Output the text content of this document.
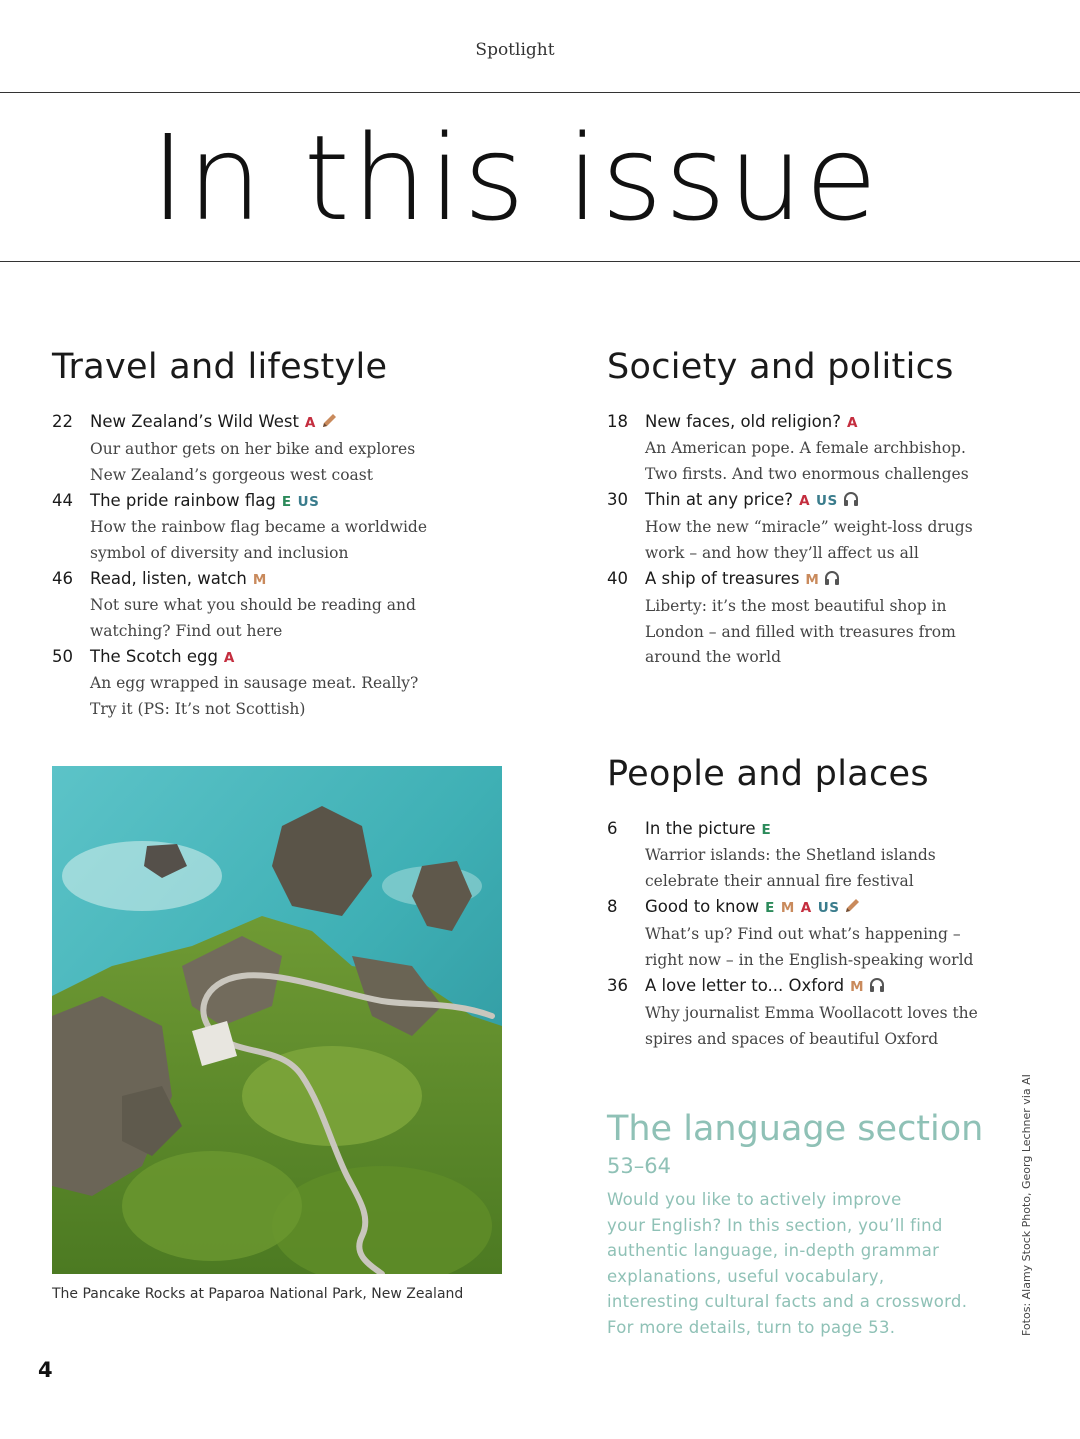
Spotlight
In this issue
Travel and lifestyle
22 New Zealand’s Wild West A
Our author gets on her bike and explores
New Zealand’s gorgeous west coast
44 The pride rainbow flag E US
How the rainbow flag became a worldwide
symbol of diversity and inclusion
46 Read, listen, watch M
Not sure what you should be reading and
watching? Find out here
50 The Scotch egg A
An egg wrapped in sausage meat. Really?
Try it (PS: It’s not Scottish)
Society and politics
18 New faces, old religion? A
An American pope. A female archbishop.
Two firsts. And two enormous challenges
30 Thin at any price? A US
How the new “miracle” weight-loss drugs
work – and how they’ll affect us all
40 A ship of treasures M
Liberty: it’s the most beautiful shop in
London – and filled with treasures from
around the world
People and places
6 In the picture E
Warrior islands: the Shetland islands
celebrate their annual fire festival
8 Good to know E M A US
What’s up? Find out what’s happening –
right now – in the English-speaking world
36 A love letter to... Oxford M
Why journalist Emma Woollacott loves the
spires and spaces of beautiful Oxford
The Pancake Rocks at Paparoa National Park, New Zealand
The language section
53–64
Would you like to actively improve
your English? In this section, you’ll find
authentic language, in-depth grammar
explanations, useful vocabulary,
interesting cultural facts and a crossword.
For more details, turn to page 53.	Fotos: Alamy Stock Photo, Georg Lechner via AI
4
